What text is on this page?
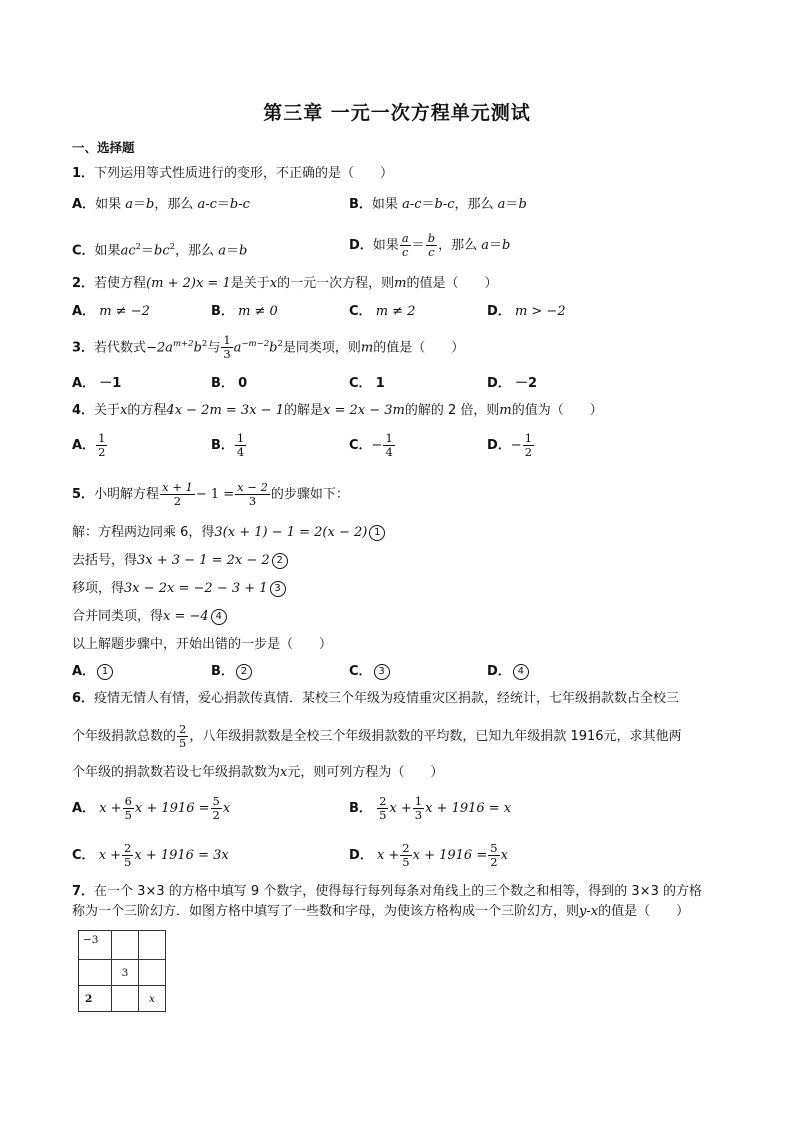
第三章 一元一次方程单元测试
一、选择题
1．下列运用等式性质进行的变形，不正确的是（　　）
A．如果 a＝b，那么 a-c＝b-c	B．如果 a-c＝b-c，那么 a＝b
C．如果$ac^2=bc^2$，那么 a＝b	D．如果 $\frac{a}{c} = \frac{b}{c}$ ，那么 a＝b
2．若使方程(m + 2)x = 1是关于x的一元一次方程，则m的值是（　　）
A． m ≠ −2	B． m ≠ 0	C． m ≠ 2	D． m > −2
3．若代数式$-2a^{m+2}b^2$与 $\frac{1}{3} a^{-m-2}b^2$是同类项，则m的值是（　　）
A． －1	B． 0	C． 1	D． －2
4．关于x的方程4x − 2m = 3x − 1的解是x = 2x − 3m的解的 2 倍，则m的值为（　　）
A． $\frac{1}{2}$	B． $\frac{1}{4}$	C．− $\frac{1}{4}$	D．− $\frac{1}{2}$
5．小明解方程 $\frac{x + 1}{2} - 1 = \frac{x - 2}{3}$ 的步骤如下：
解：方程两边同乘 6，得3(x + 1) − 1 = 2(x − 2) 1
去括号，得3x + 3 − 1 = 2x − 2 2
移项，得3x − 2x = −2 − 3 + 1 3
合并同类项，得x = −4 4
以上解题步骤中，开始出错的一步是（　　）
A． 1	B． 2	C． 3	D． 4
6．疫情无情人有情，爱心捐款传真情．某校三个年级为疫情重灾区捐款，经统计，七年级捐款数占全校三
个年级捐款总数的 $\frac{2}{5}$ ，八年级捐款数是全校三个年级捐款数的平均数，已知九年级捐款 1916元，求其他两
个年级的捐款数若设七年级捐款数为x元，则可列方程为（　　）
A． $x + \frac{6}{5}$ $x + 1916 = \frac{5}{2}$ x	B． $\frac{2}{5}$ $x + \frac{1}{3}$ x + 1916 = x
C． $x + \frac{2}{5}$ x + 1916 = 3x	D． $x + \frac{2}{5}$ $x + 1916 = \frac{5}{2}$ x
7．在一个 3×3 的方格中填写 9 个数字，使得每行每列每条对角线上的三个数之和相等，得到的 3×3 的方格
称为一个三阶幻方．如图方格中填写了一些数和字母，为使该方格构成一个三阶幻方，则y-x的值是（　　）
−3		
	3	
2		x
